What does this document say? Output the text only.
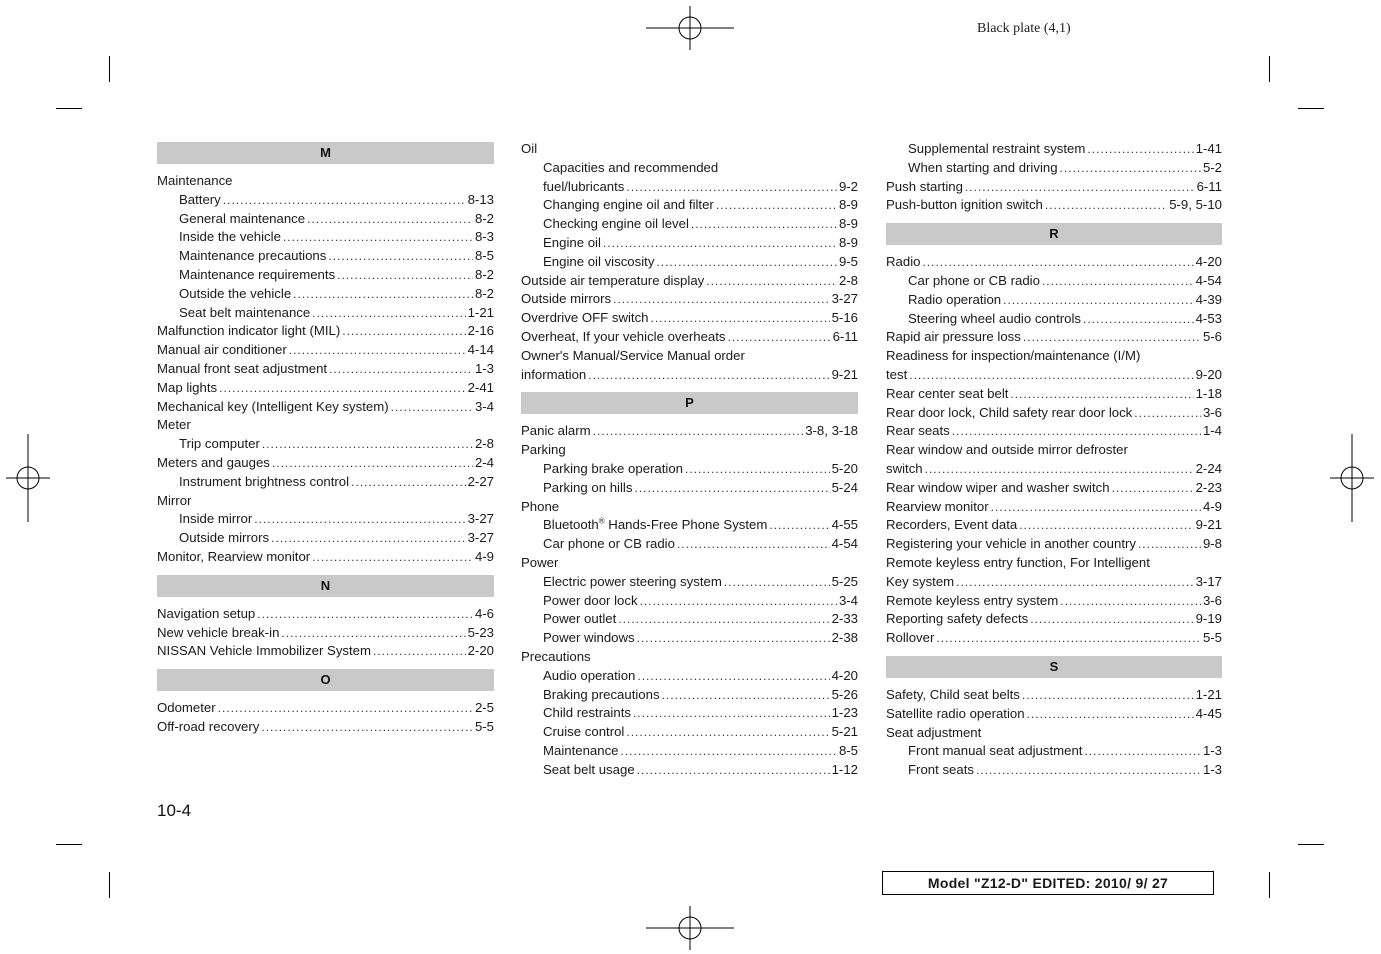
Black plate (4,1)
M
Maintenance
Battery .....	8-13
General maintenance .....	8-2
Inside the vehicle .....	8-3
Maintenance precautions .....	8-5
Maintenance requirements .....	8-2
Outside the vehicle .....	8-2
Seat belt maintenance .....	1-21
Malfunction indicator light (MIL) .....	2-16
Manual air conditioner .....	4-14
Manual front seat adjustment .....	1-3
Map lights .....	2-41
Mechanical key (Intelligent Key system) .....	3-4
Meter
Trip computer .....	2-8
Meters and gauges .....	2-4
Instrument brightness control .....	2-27
Mirror
Inside mirror .....	3-27
Outside mirrors .....	3-27
Monitor, Rearview monitor .....	4-9
N
Navigation setup .....	4-6
New vehicle break-in .....	5-23
NISSAN Vehicle Immobilizer System .....	2-20
O
Odometer .....	2-5
Off-road recovery .....	5-5
Oil
Capacities and recommended
fuel/lubricants .....	9-2
Changing engine oil and filter .....	8-9
Checking engine oil level .....	8-9
Engine oil .....	8-9
Engine oil viscosity .....	9-5
Outside air temperature display .....	2-8
Outside mirrors .....	3-27
Overdrive OFF switch .....	5-16
Overheat, If your vehicle overheats .....	6-11
Owner's Manual/Service Manual order
information .....	9-21
P
Panic alarm .....	3-8, 3-18
Parking
Parking brake operation .....	5-20
Parking on hills .....	5-24
Phone
Bluetooth® Hands-Free Phone System .....	4-55
Car phone or CB radio .....	4-54
Power
Electric power steering system .....	5-25
Power door lock .....	3-4
Power outlet .....	2-33
Power windows .....	2-38
Precautions
Audio operation .....	4-20
Braking precautions .....	5-26
Child restraints .....	1-23
Cruise control .....	5-21
Maintenance .....	8-5
Seat belt usage .....	1-12
Supplemental restraint system .....	1-41
When starting and driving .....	5-2
Push starting .....	6-11
Push-button ignition switch .....	5-9, 5-10
R
Radio .....	4-20
Car phone or CB radio .....	4-54
Radio operation .....	4-39
Steering wheel audio controls .....	4-53
Rapid air pressure loss .....	5-6
Readiness for inspection/maintenance (I/M)
test .....	9-20
Rear center seat belt .....	1-18
Rear door lock, Child safety rear door lock .....	3-6
Rear seats .....	1-4
Rear window and outside mirror defroster
switch .....	2-24
Rear window wiper and washer switch .....	2-23
Rearview monitor .....	4-9
Recorders, Event data .....	9-21
Registering your vehicle in another country .....	9-8
Remote keyless entry function, For Intelligent
Key system .....	3-17
Remote keyless entry system .....	3-6
Reporting safety defects .....	9-19
Rollover .....	5-5
S
Safety, Child seat belts .....	1-21
Satellite radio operation .....	4-45
Seat adjustment
Front manual seat adjustment .....	1-3
Front seats .....	1-3
10-4
Model "Z12-D" EDITED: 2010/ 9/ 27
